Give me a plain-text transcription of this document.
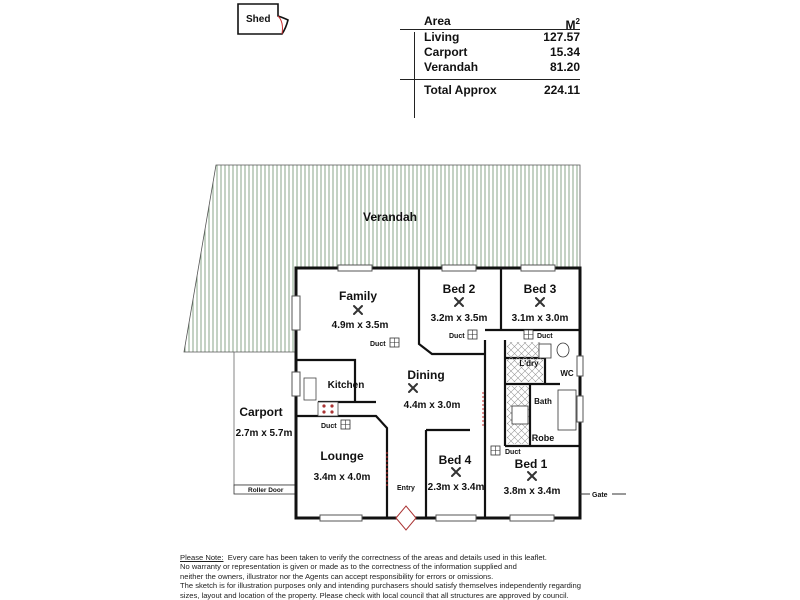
Shed	Area	$M^2$
Living	127.57
Carport	15.34
Verandah	81.20
Total Approx	224.11
Verandah
Family
4.9m x 3.5m
Bed 2
3.2m x 3.5m
Bed 3
3.1m x 3.0m
Kitchen
Dining
4.4m x 3.0m
Carport
2.7m x 5.7m
Lounge
3.4m x 4.0m
Bed 4
2.3m x 3.4m
Bed 1
3.8m x 3.4m
L'dry
WC
Bath
Robe
Duct
Duct	Duct
Duct
Duct
Entry
Roller Door
Gate
Please Note: Every care has been taken to verify the correctness of the areas and details used in this leaflet.
No warranty or representation is given or made as to the correctness of the information supplied and
neither the owners, illustrator nor the Agents can accept responsibility for errors or omissions.
The sketch is for illustration purposes only and intending purchasers should satisfy themselves independently regarding
sizes, layout and location of the property. Please check with local council that all structures are approved by council.
